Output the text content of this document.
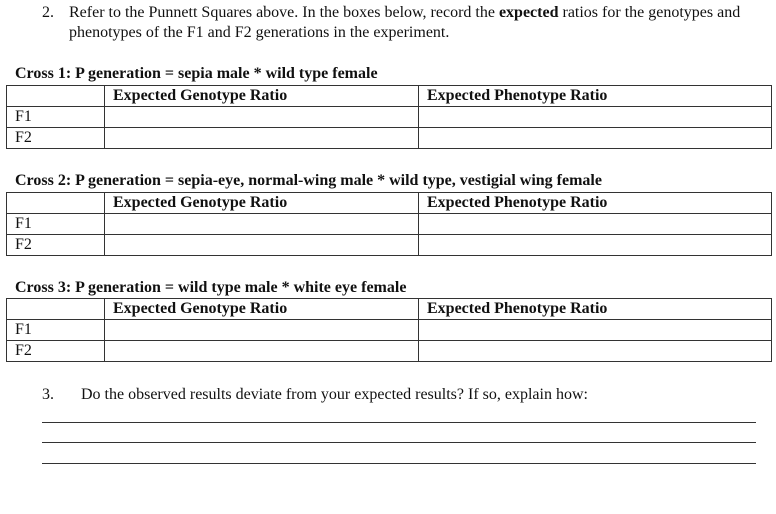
2. Refer to the Punnett Squares above. In the boxes below, record the expected ratios for the genotypes and phenotypes of the F1 and F2 generations in the experiment.
Cross 1: P generation = sepia male * wild type female
	Expected Genotype Ratio	Expected Phenotype Ratio
F1		
F2		
Cross 2: P generation = sepia-eye, normal-wing male * wild type, vestigial wing female
	Expected Genotype Ratio	Expected Phenotype Ratio
F1		
F2		
Cross 3: P generation = wild type male * white eye female
	Expected Genotype Ratio	Expected Phenotype Ratio
F1		
F2		
3. Do the observed results deviate from your expected results? If so, explain how:
